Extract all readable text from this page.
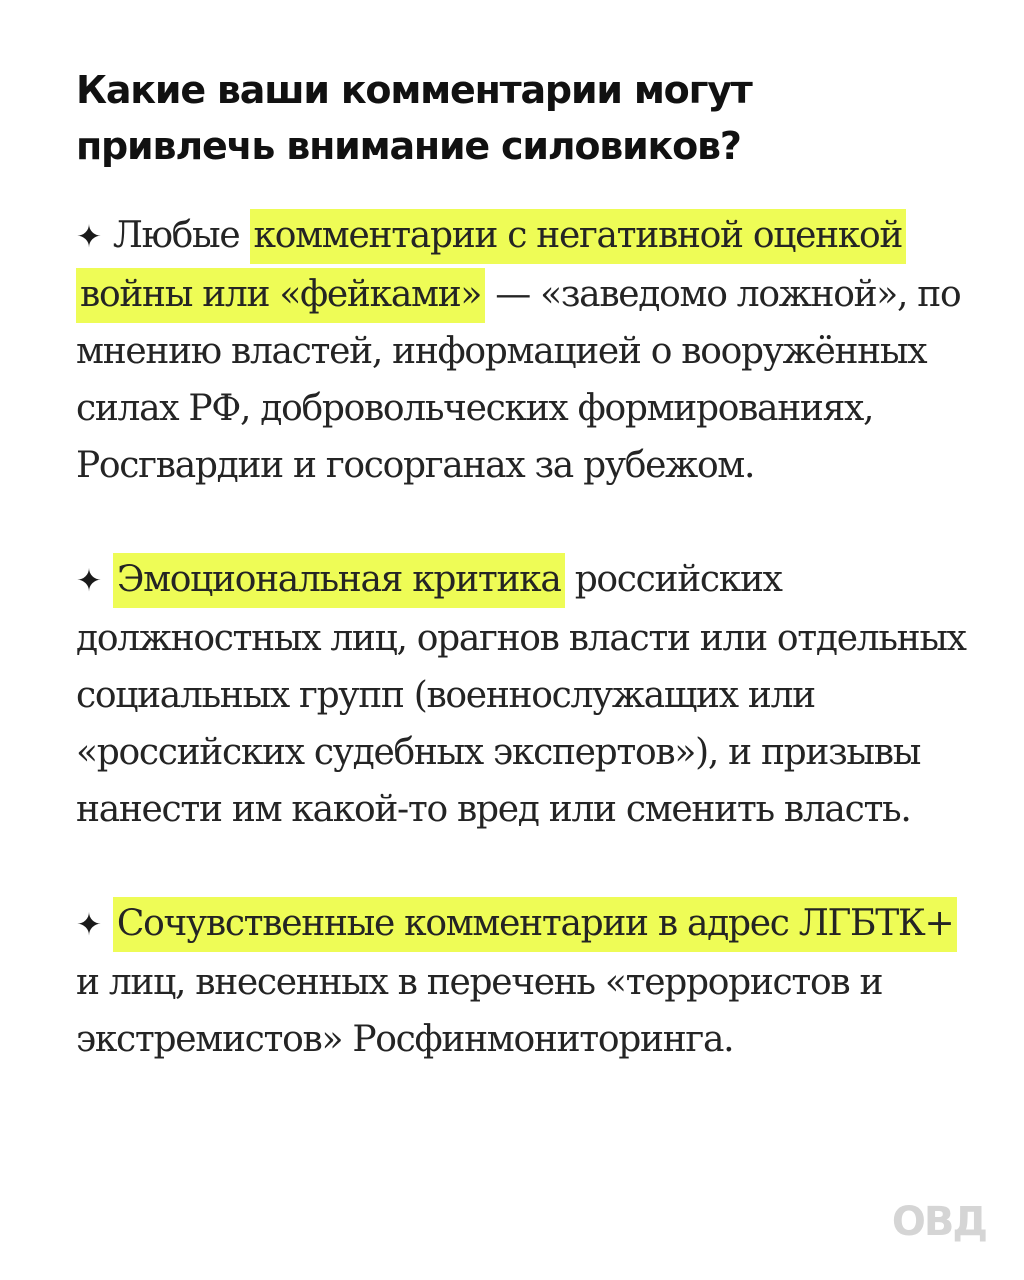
Какие ваши комментарии могут привлечь внимание силовиков?

✦ Любые комментарии с негативной оценкой войны или «фейками» — «заведомо ложной», по мнению властей, информацией о вооружённых силах РФ, добровольческих формированиях, Росгвардии и госорганах за рубежом.

✦ Эмоциональная критика российских должностных лиц, орагнов власти или отдельных социальных групп (военнослужащих или «российских судебных экспертов»), и призывы нанести им какой-то вред или сменить власть.

✦ Сочувственные комментарии в адрес ЛГБТК+ и лиц, внесенных в перечень «террористов и экстремистов» Росфинмониторинга.

ОВД
